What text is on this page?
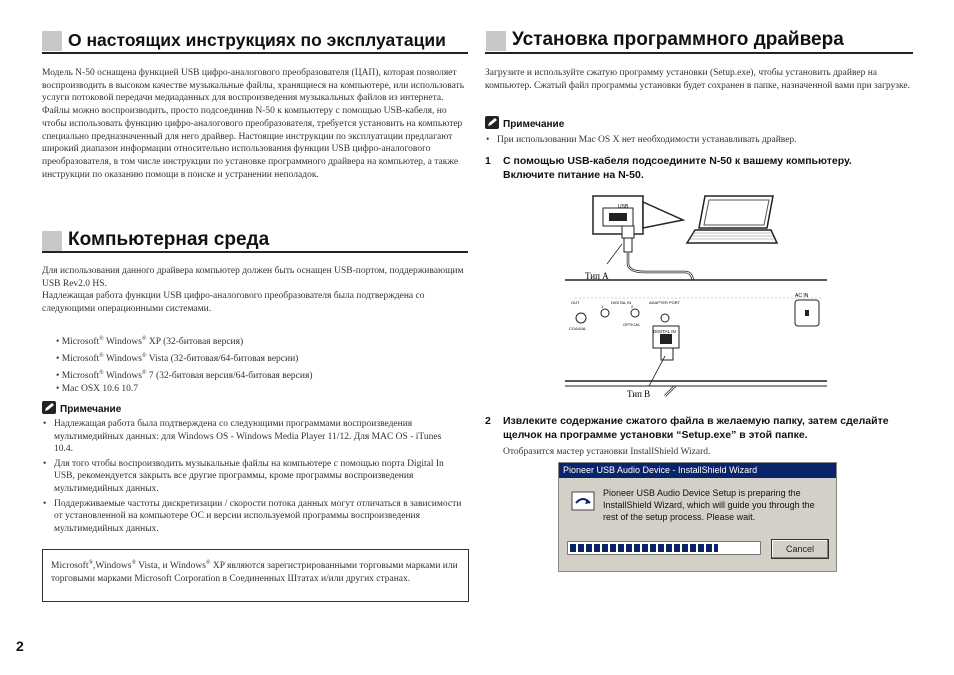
О настоящих инструкциях по эксплуатации

Модель N-50 оснащена функцией USB цифро-аналогового преобразователя (ЦАП), которая позволяет воспроизводить в высоком качестве музыкальные файлы, хранящиеся на компьютере, или использовать услуги потоковой передачи медиаданных для воспроизведения музыкальных файлов из интернета. Файлы можно воспроизводить, просто подсоединив N-50 к компьютеру с помощью USB-кабеля, но чтобы использовать функцию цифро-аналогового преобразователя, требуется установить на компьютер специально предназначенный для него драйвер. Настоящие инструкции по эксплуатации предлагают широкий диапазон информации относительно использования функции USB цифро-аналогового преобразователя, в том числе инструкции по установке программного драйвера на компьютер, а также инструкции по оказанию помощи в поиске и устранении неполадок.

Компьютерная среда

Для использования данного драйвера компьютер должен быть оснащен USB-портом, поддерживающим USB Rev2.0 HS.

Надлежащая работа функции USB цифро-аналогового преобразователя была подтверждена со следующими операционными системами.

• Microsoft® Windows® XP (32-битовая версия)
• Microsoft® Windows® Vista (32-битовая/64-битовая версии)
• Microsoft® Windows® 7 (32-битовая версия/64-битовая версия)
• Mac OSX 10.6 10.7
Примечание
• Надлежащая работа была подтверждена со следующими программами воспроизведения мультимедийных данных: для Windows OS - Windows Media Player 11/12. Для MAC OS - iTunes 10.4.
• Для того чтобы воспроизводить музыкальные файлы на компьютере с помощью порта Digital In USB, рекомендуется закрыть все другие программы, кроме программы воспроизведения мультимедийных данных.
• Поддерживаемые частоты дискретизации / скорости потока данных могут отличаться в зависимости от установленной на компьютере ОС и версии используемой программы воспроизведения мультимедийных данных.
Microsoft®,Windows® Vista, и Windows® XP являются зарегистрированными торговыми марками или торговыми марками Microsoft Corporation в Соединенных Штатах и/или других странах.
2
Установка программного драйвера

Загрузите и используйте сжатую программу установки (Setup.exe), чтобы установить драйвер на компьютер. Сжатый файл программы установки будет сохранен в папке, назначенной вами при загрузке.

Примечание
• При использовании Mac OS X нет необходимости устанавливать драйвер.
1 С помощью USB-кабеля подсоедините N-50 к вашему компьютеру. Включите питание на N-50.
USB
Тип A
Тип B
DIGITAL IN
AC IN
ADAPTER PORT
DIGITAL IN
OPTICAL
COAXIAL
OUT
1	2
2 Извлеките содержание сжатого файла в желаемую папку, затем сделайте щелчок на программе установки “Setup.exe” в этой папке.
Отобразится мастер установки InstallShield Wizard.
Pioneer USB Audio Device - InstallShield Wizard
Pioneer USB Audio Device Setup is preparing the InstallShield Wizard, which will guide you through the rest of the setup process. Please wait.
Cancel
